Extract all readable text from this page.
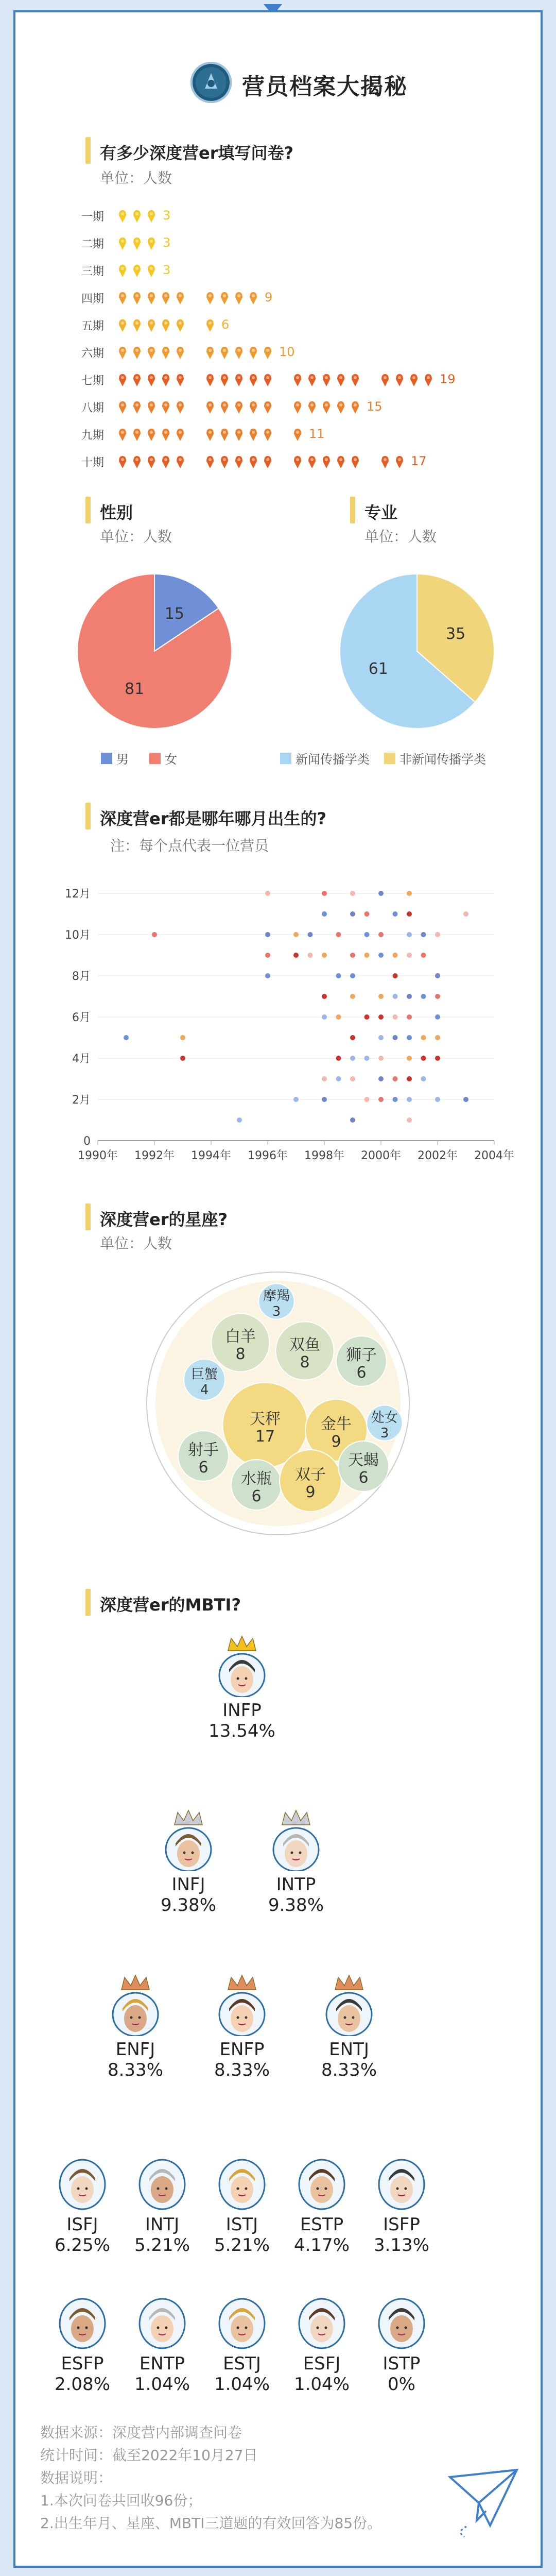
营员档案大揭秘
有多少深度营er填写问卷?
单位：人数
一期	3
二期	3
三期	3
四期	9
五期	6
六期	10
七期	19
八期	15
九期	11
十期	17
性别
单位：人数
专业
单位：人数
15
81
35
61
男	女	新闻传播学类 非新闻传播学类
深度营er都是哪年哪月出生的?
注：每个点代表一位营员
0
2月
4月
6月
8月
10月
12月
1990年 1992年 1994年 1996年 1998年 2000年 2002年 2004年
深度营er的星座?
单位：人数
摩羯
3
白羊
8
双鱼
8 狮子
6
巨蟹
4
处女
3
天秤
17
金牛
9
射手
6
水瓶
6
双子
9
天蝎
6
深度营er的MBTI?
INFP
13.54%
INFJ
9.38%
INTP
9.38%
ENFJ
8.33%
ENFP
8.33%
ENTJ
8.33%
ISFJ
6.25%
INTJ
5.21%
ISTJ
5.21%
ESTP
4.17%
ISFP
3.13%
ESFP
2.08%
ENTP
1.04%
ESTJ
1.04%
ESFJ
1.04%
ISTP
0%
数据来源：深度营内部调查问卷
统计时间：截至2022年10月27日
数据说明：
1.本次问卷共回收96份；
2.出生年月、星座、MBTI三道题的有效回答为85份。
